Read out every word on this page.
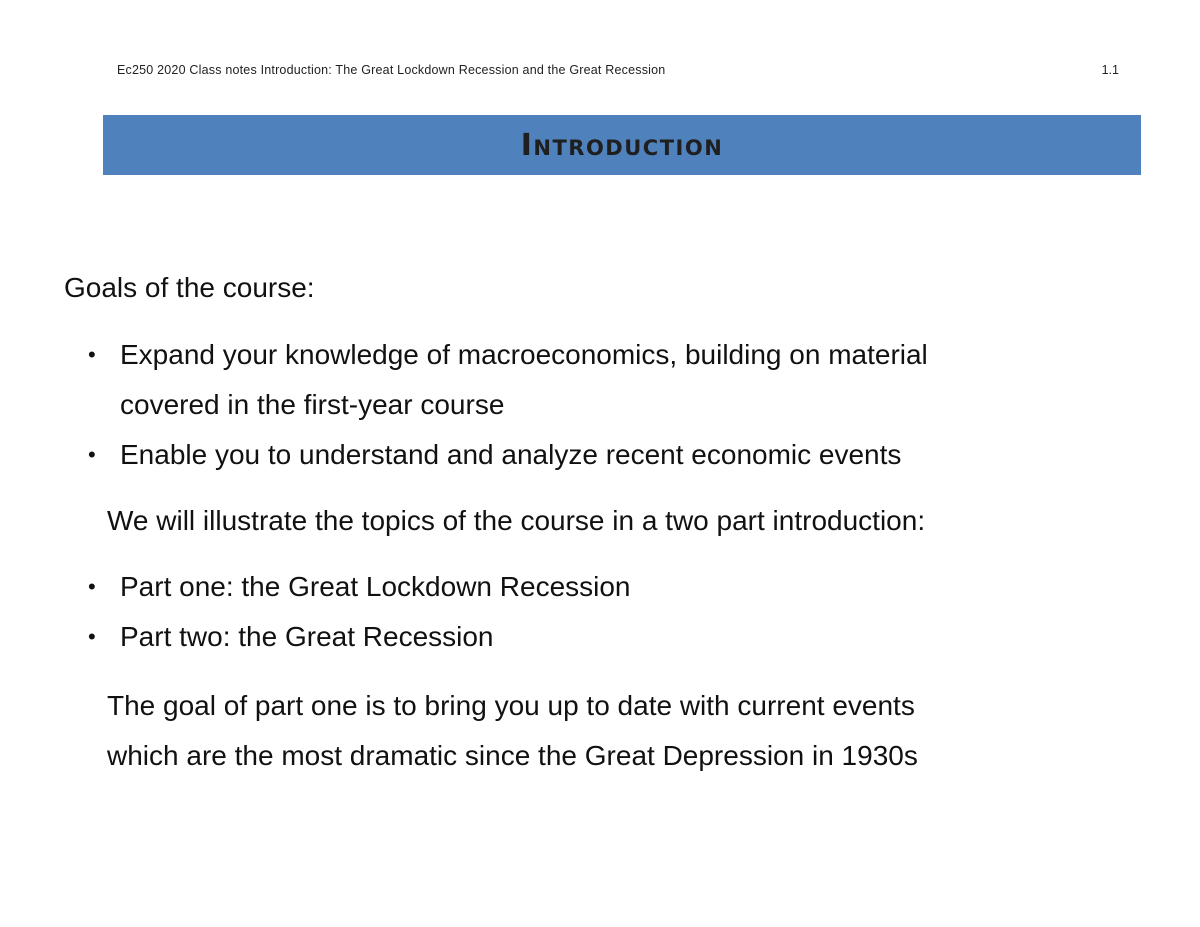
Ec250 2020 Class notes Introduction: The Great Lockdown Recession and the Great Recession	1.1
Introduction
Goals of the course:
• Expand your knowledge of macroeconomics, building on material
covered in the first-year course
• Enable you to understand and analyze recent economic events
We will illustrate the topics of the course in a two part introduction:
• Part one: the Great Lockdown Recession
• Part two: the Great Recession
The goal of part one is to bring you up to date with current events
which are the most dramatic since the Great Depression in 1930s
